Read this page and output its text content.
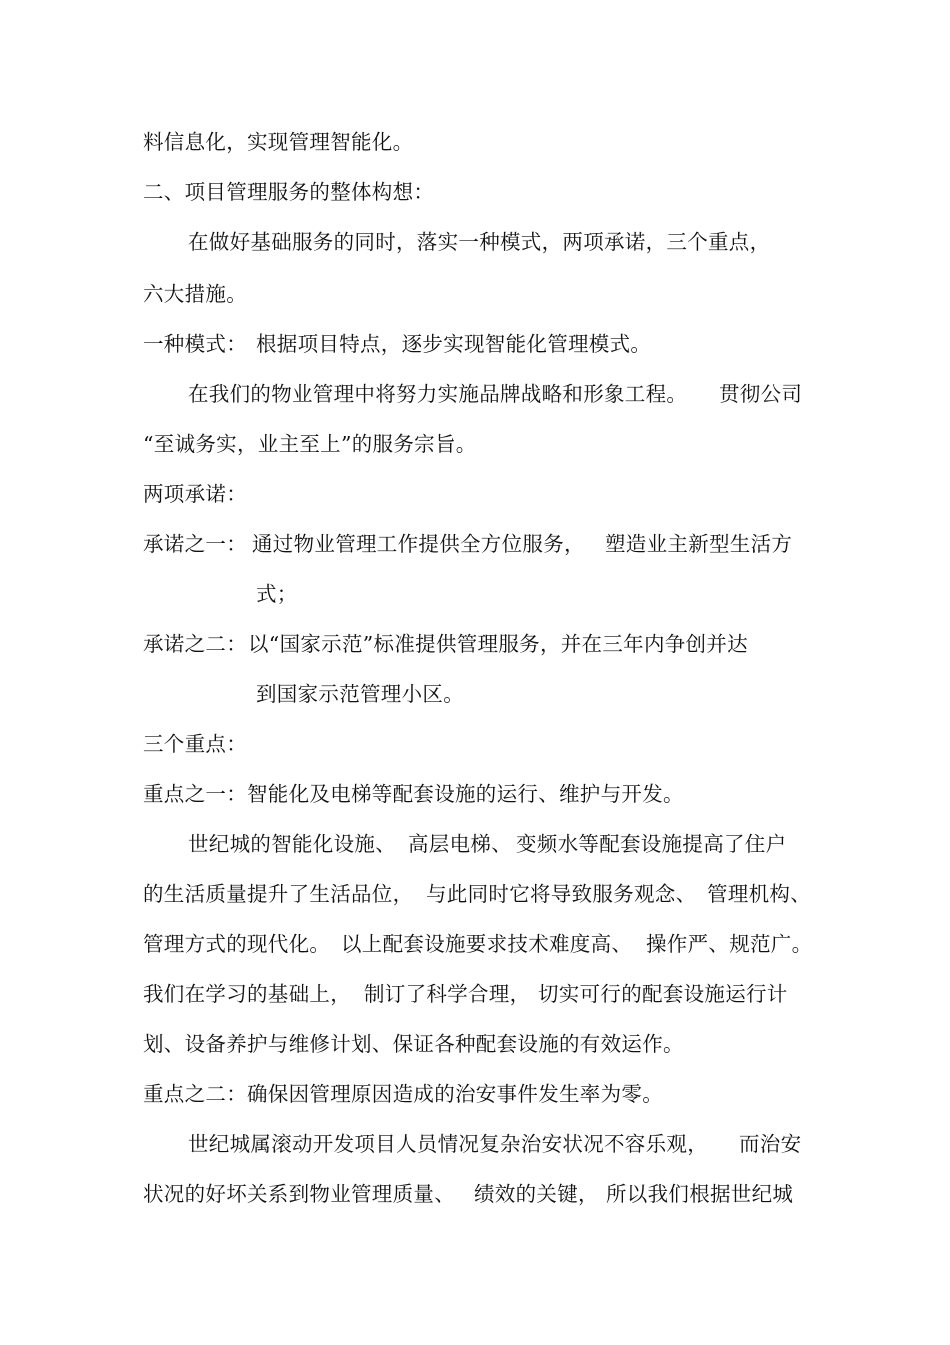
料信息化，实现管理智能化。
二、项目管理服务的整体构想：
在做好基础服务的同时，落实一种模式，两项承诺，三个重点，
六大措施。
一种模式： 根据项目特点，逐步实现智能化管理模式。
在我们的物业管理中将努力实施品牌战略和形象工程。 贯彻公司
“至诚务实，业主至上”的服务宗旨。
两项承诺：
承诺之一： 通过物业管理工作提供全方位服务， 塑造业主新型生活方
式；
承诺之二： 以“国家示范”标准提供管理服务，并在三年内争创并达
到国家示范管理小区。
三个重点：
重点之一：智能化及电梯等配套设施的运行、维护与开发。
世纪城的智能化设施、 高层电梯、 变频水等配套设施提高了住户
的生活质量提升了生活品位， 与此同时它将导致服务观念、 管理机构、
管理方式的现代化。 以上配套设施要求技术难度高、 操作严、规范广。
我们在学习的基础上， 制订了科学合理， 切实可行的配套设施运行计
划、设备养护与维修计划、保证各种配套设施的有效运作。
重点之二：确保因管理原因造成的治安事件发生率为零。
世纪城属滚动开发项目人员情况复杂治安状况不容乐观， 而治安
状况的好坏关系到物业管理质量、 绩效的关键， 所以我们根据世纪城
